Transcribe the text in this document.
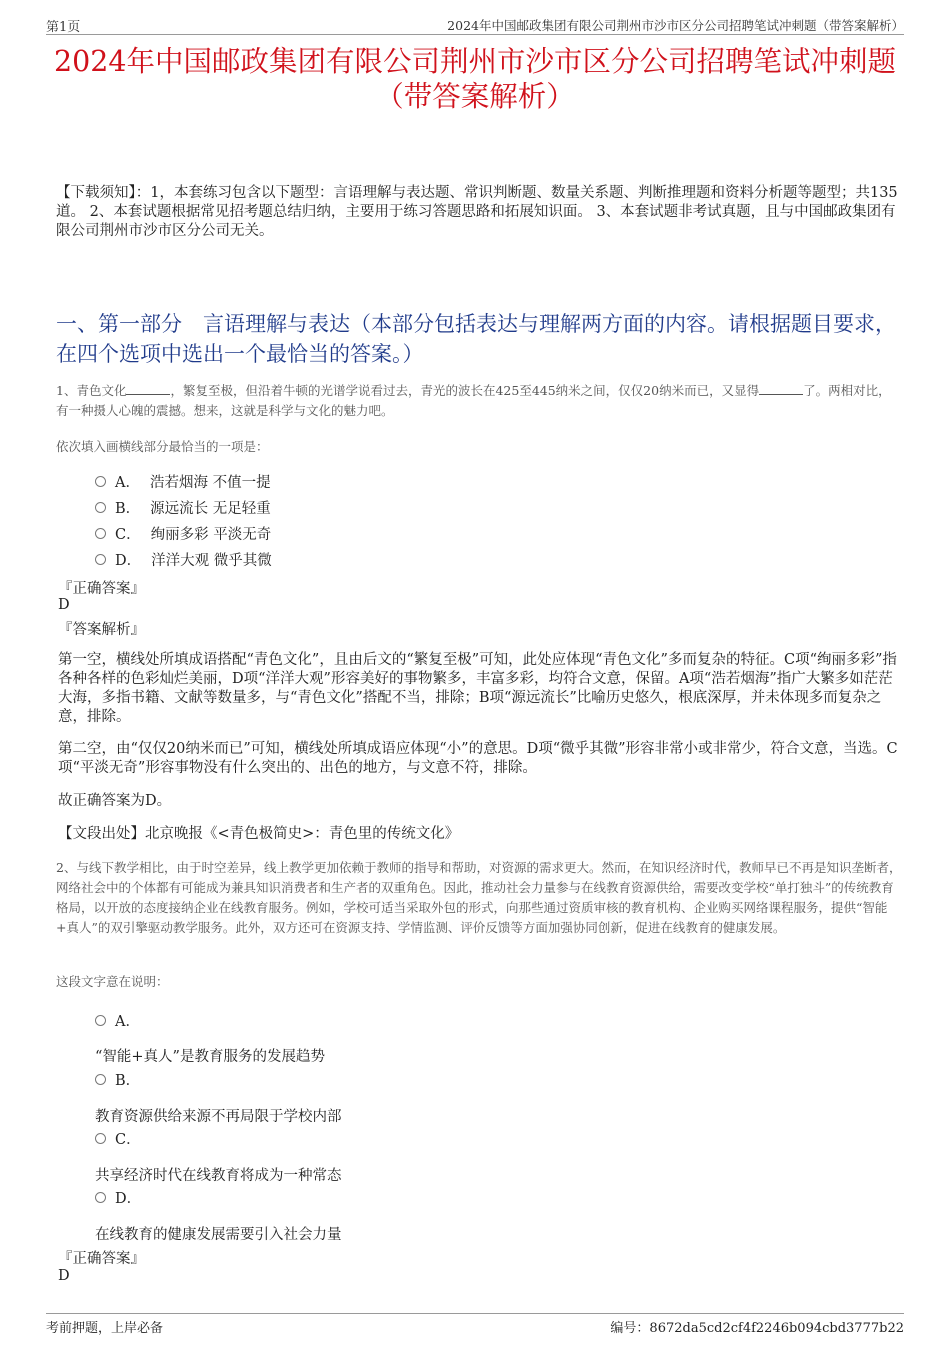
第1页	2024年中国邮政集团有限公司荆州市沙市区分公司招聘笔试冲刺题（带答案解析）
2024年中国邮政集团有限公司荆州市沙市区分公司招聘笔试冲刺题（带答案解析）
【下载须知】：1，本套练习包含以下题型：言语理解与表达题、常识判断题、数量关系题、判断推理题和资料分析题等题型；共135道。 2、本套试题根据常见招考题总结归纳，主要用于练习答题思路和拓展知识面。 3、本套试题非考试真题，且与中国邮政集团有限公司荆州市沙市区分公司无关。
一、第一部分　言语理解与表达（本部分包括表达与理解两方面的内容。请根据题目要求，在四个选项中选出一个最恰当的答案。）
1、青色文化	，繁复至极，但沿着牛顿的光谱学说看过去，青光的波长在425至445纳米之间，仅仅20纳米而已，又显得	了。两相对比，有一种摄人心魄的震撼。想来，这就是科学与文化的魅力吧。
依次填入画横线部分最恰当的一项是：
A． 浩若烟海 不值一提
B． 源远流长 无足轻重
C． 绚丽多彩 平淡无奇
D． 洋洋大观 微乎其微
『正确答案』
D
『答案解析』
第一空，横线处所填成语搭配“青色文化”，且由后文的“繁复至极”可知，此处应体现“青色文化”多而复杂的特征。C项“绚丽多彩”指各种各样的色彩灿烂美丽，D项“洋洋大观”形容美好的事物繁多，丰富多彩，均符合文意，保留。A项“浩若烟海”指广大繁多如茫茫大海，多指书籍、文献等数量多，与“青色文化”搭配不当，排除；B项“源远流长”比喻历史悠久，根底深厚，并未体现多而复杂之意，排除。
第二空，由“仅仅20纳米而已”可知，横线处所填成语应体现“小”的意思。D项“微乎其微”形容非常小或非常少，符合文意，当选。C项“平淡无奇”形容事物没有什么突出的、出色的地方，与文意不符，排除。
故正确答案为D。
【文段出处】北京晚报《<青色极简史>：青色里的传统文化》
2、与线下教学相比，由于时空差异，线上教学更加依赖于教师的指导和帮助，对资源的需求更大。然而，在知识经济时代，教师早已不再是知识垄断者，网络社会中的个体都有可能成为兼具知识消费者和生产者的双重角色。因此，推动社会力量参与在线教育资源供给，需要改变学校“单打独斗”的传统教育格局，以开放的态度接纳企业在线教育服务。例如，学校可适当采取外包的形式，向那些通过资质审核的教育机构、企业购买网络课程服务，提供“智能+真人”的双引擎驱动教学服务。此外，双方还可在资源支持、学情监测、评价反馈等方面加强协同创新，促进在线教育的健康发展。
这段文字意在说明：
A．
“智能+真人”是教育服务的发展趋势
B．
教育资源供给来源不再局限于学校内部
C．
共享经济时代在线教育将成为一种常态
D．
在线教育的健康发展需要引入社会力量
『正确答案』
D
考前押题，上岸必备	编号：8672da5cd2cf4f2246b094cbd3777b22
